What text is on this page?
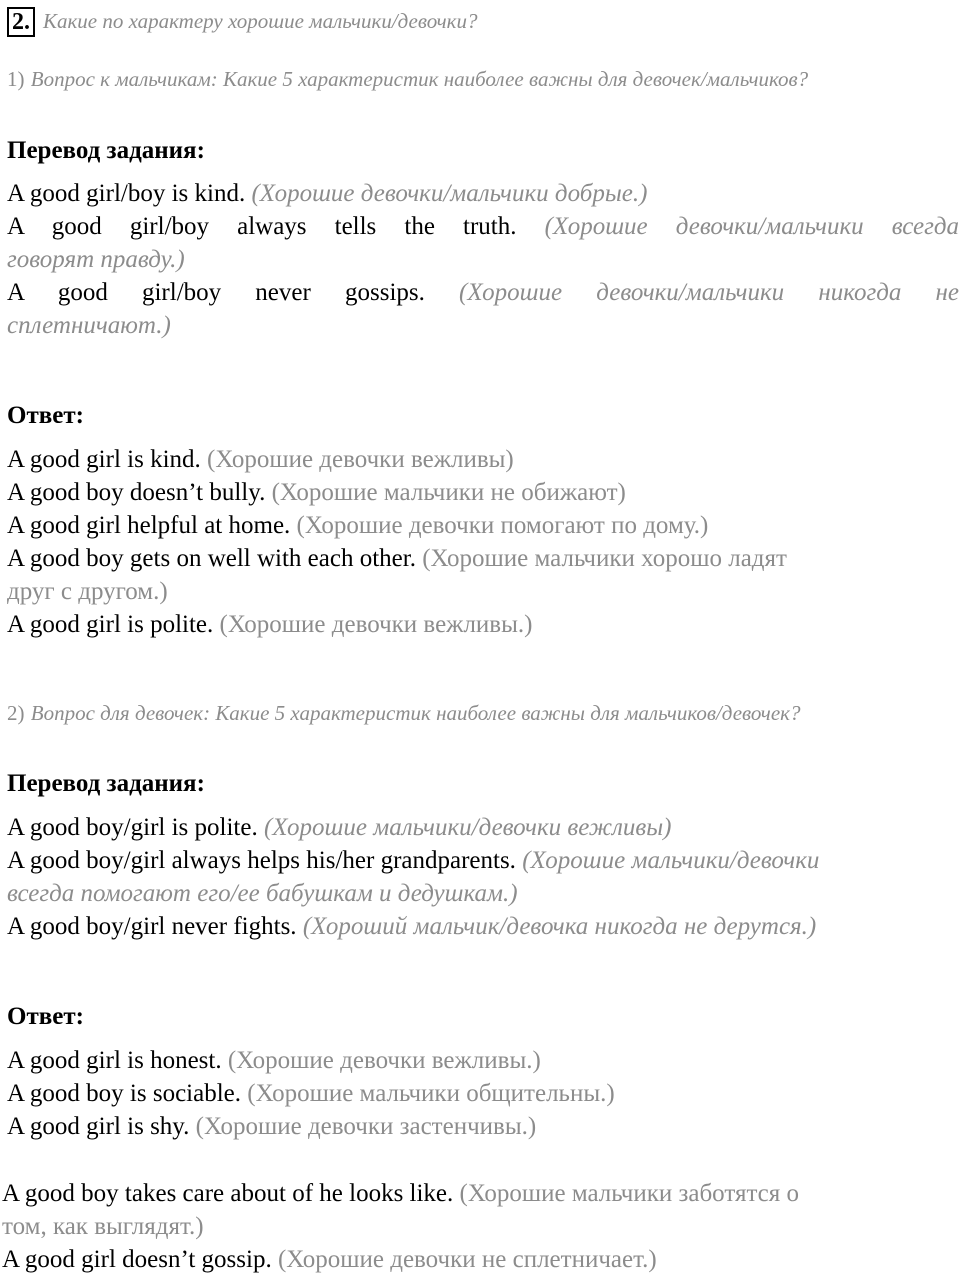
2. Какие по характеру хорошие мальчики/девочки?
1) Вопрос к мальчикам: Какие 5 характеристик наиболее важны для девочек/мальчиков?
Перевод задания:
A good girl/boy is kind. (Хорошие девочки/мальчики добрые.)
A good girl/boy always tells the truth. (Хорошие девочки/мальчики всегда
говорят правду.)
A good girl/boy never gossips. (Хорошие девочки/мальчики никогда не
сплетничают.)
Ответ:
A good girl is kind. (Хорошие девочки вежливы)
A good boy doesn’t bully. (Хорошие мальчики не обижают)
A good girl helpful at home. (Хорошие девочки помогают по дому.)
A good boy gets on well with each other. (Хорошие мальчики хорошо ладят
друг с другом.)
A good girl is polite. (Хорошие девочки вежливы.)
2) Вопрос для девочек: Какие 5 характеристик наиболее важны для мальчиков/девочек?
Перевод задания:
A good boy/girl is polite. (Хорошие мальчики/девочки вежливы)
A good boy/girl always helps his/her grandparents. (Хорошие мальчики/девочки
всегда помогают его/ее бабушкам и дедушкам.)
A good boy/girl never fights. (Хороший мальчик/девочка никогда не дерутся.)
Ответ:
A good girl is honest. (Хорошие девочки вежливы.)
A good boy is sociable. (Хорошие мальчики общительны.)
A good girl is shy. (Хорошие девочки застенчивы.)
A good boy takes care about of he looks like. (Хорошие мальчики заботятся о
том, как выглядят.)
A good girl doesn’t gossip. (Хорошие девочки не сплетничает.)
